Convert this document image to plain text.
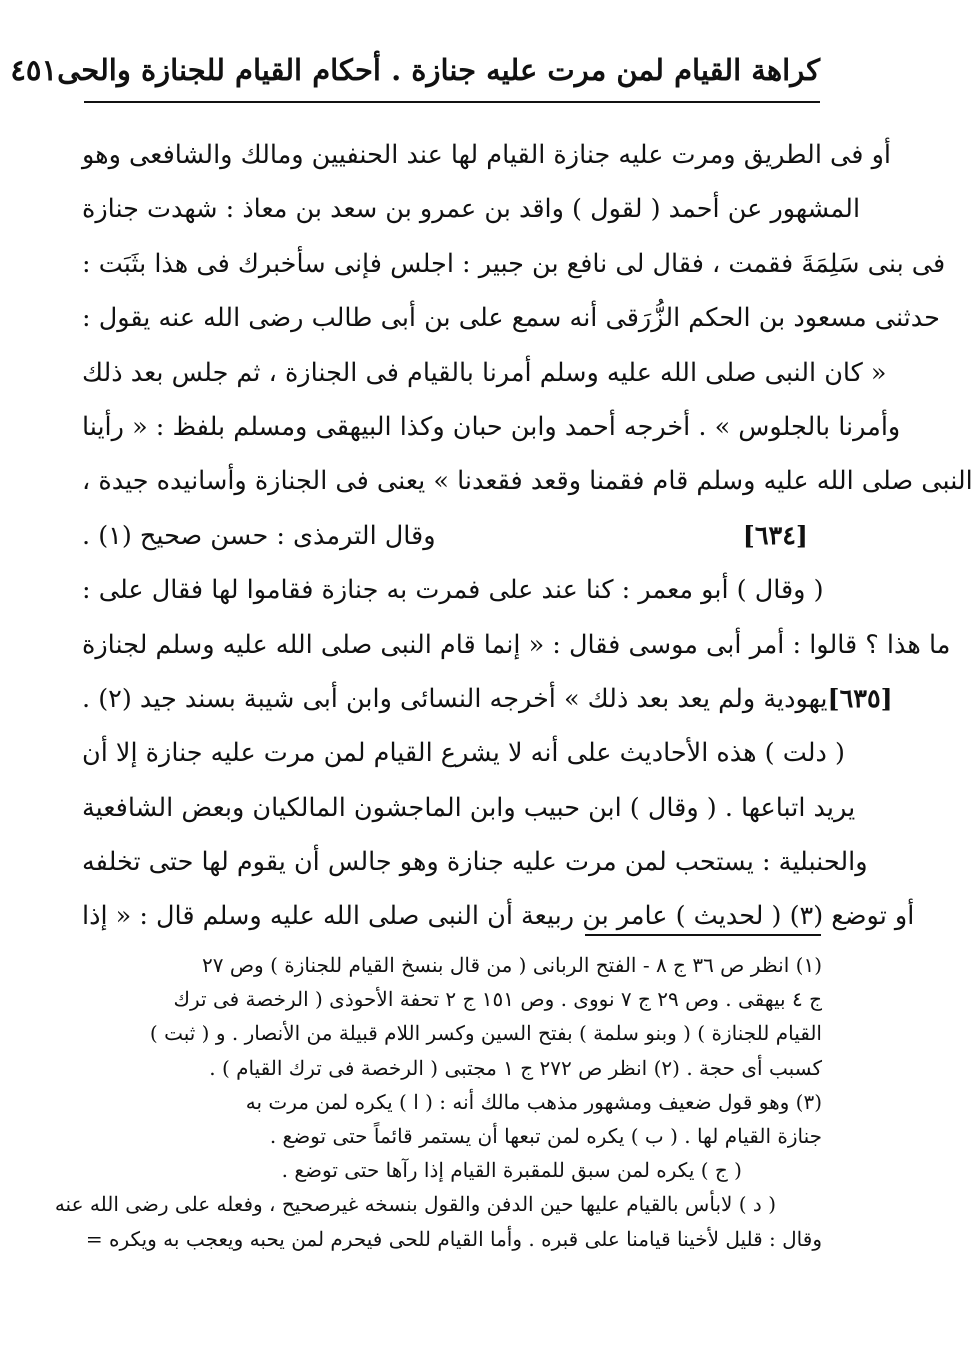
كراهة القيام لمن مرت عليه جنازة . أحكام القيام للجنازة والحى
٤٥١
أو فى الطريق ومرت عليه جنازة القيام لها عند الحنفيين ومالك والشافعى وهو
المشهور عن أحمد ( لقول ) واقد بن عمرو بن سعد بن معاذ : شهدت جنازة
فى بنى سَلِمَةَ فقمت ، فقال لى نافع بن جبير : اجلس فإنى سأخبرك فى هذا بثَبَت :
حدثنى مسعود بن الحكم الزُّرَقى أنه سمع على بن أبى طالب رضى الله عنه يقول :
« كان النبى صلى الله عليه وسلم أمرنا بالقيام فى الجنازة ، ثم جلس بعد ذلك
وأمرنا بالجلوس » . أخرجه أحمد وابن حبان وكذا البيهقى ومسلم بلفظ : « رأينا
النبى صلى الله عليه وسلم قام فقمنا وقعد فقعدنا » يعنى فى الجنازة وأسانيده جيدة ،
وقال الترمذى : حسن صحيح (١) .	[٦٣٤]
( وقال ) أبو معمر : كنا عند على فمرت به جنازة فقاموا لها فقال على :
ما هذا ؟ قالوا : أمر أبى موسى فقال : « إنما قام النبى صلى الله عليه وسلم لجنازة
يهودية ولم يعد بعد ذلك » أخرجه النسائى وابن أبى شيبة بسند جيد (٢) . [٦٣٥]
( دلت ) هذه الأحاديث على أنه لا يشرع القيام لمن مرت عليه جنازة إلا أن
يريد اتباعها . ( وقال ) ابن حبيب وابن الماجشون المالكيان وبعض الشافعية
والحنبلية : يستحب لمن مرت عليه جنازة وهو جالس أن يقوم لها حتى تخلفه
أو توضع (٣) ( لحديث ) عامر بن ربيعة أن النبى صلى الله عليه وسلم قال : « إذا
(١) انظر ص ٣٦ ج ٨ - الفتح الربانى ( من قال بنسخ القيام للجنازة ) وص ٢٧
ج ٤ بيهقى . وص ٢٩ ج ٧ نووى . وص ١٥١ ج ٢ تحفة الأحوذى ( الرخصة فى ترك
القيام للجنازة ) ( وبنو سلمة ) بفتح السين وكسر اللام قبيلة من الأنصار . و ( ثبت )
كسبب أى حجة . (٢) انظر ص ٢٧٢ ج ١ مجتبى ( الرخصة فى ترك القيام ) .
(٣) وهو قول ضعيف ومشهور مذهب مالك أنه : ( ا ) يكره لمن مرت به
جنازة القيام لها . ( ب ) يكره لمن تبعها أن يستمر قائماً حتى توضع .
( ج ) يكره لمن سبق للمقبرة القيام إذا رآها حتى توضع .
( د ) لابأس بالقيام عليها حين الدفن والقول بنسخه غيرصحيح ، وفعله على رضى الله عنه
وقال : قليل لأخينا قيامنا على قبره . وأما القيام للحى فيحرم لمن يحبه ويعجب به ويكره =
